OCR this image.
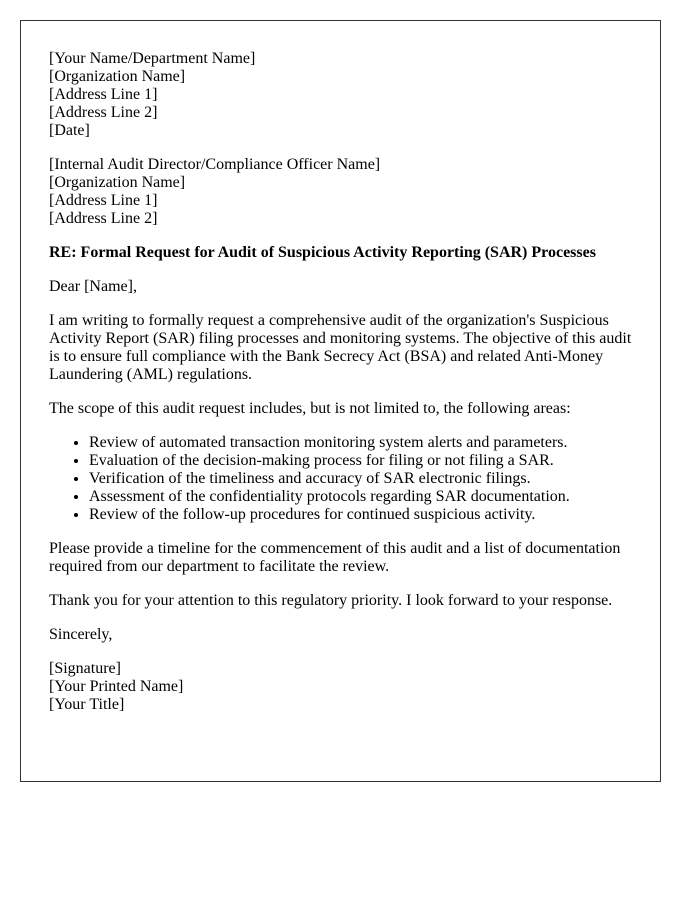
[Your Name/Department Name]
[Organization Name]
[Address Line 1]
[Address Line 2]
[Date]

[Internal Audit Director/Compliance Officer Name]
[Organization Name]
[Address Line 1]
[Address Line 2]

RE: Formal Request for Audit of Suspicious Activity Reporting (SAR) Processes

Dear [Name],

I am writing to formally request a comprehensive audit of the organization's Suspicious Activity Report (SAR) filing processes and monitoring systems. The objective of this audit is to ensure full compliance with the Bank Secrecy Act (BSA) and related Anti-Money Laundering (AML) regulations.

The scope of this audit request includes, but is not limited to, the following areas:

• Review of automated transaction monitoring system alerts and parameters.
• Evaluation of the decision-making process for filing or not filing a SAR.
• Verification of the timeliness and accuracy of SAR electronic filings.
• Assessment of the confidentiality protocols regarding SAR documentation.
• Review of the follow-up procedures for continued suspicious activity.

Please provide a timeline for the commencement of this audit and a list of documentation required from our department to facilitate the review.

Thank you for your attention to this regulatory priority. I look forward to your response.

Sincerely,

[Signature]
[Your Printed Name]
[Your Title]
